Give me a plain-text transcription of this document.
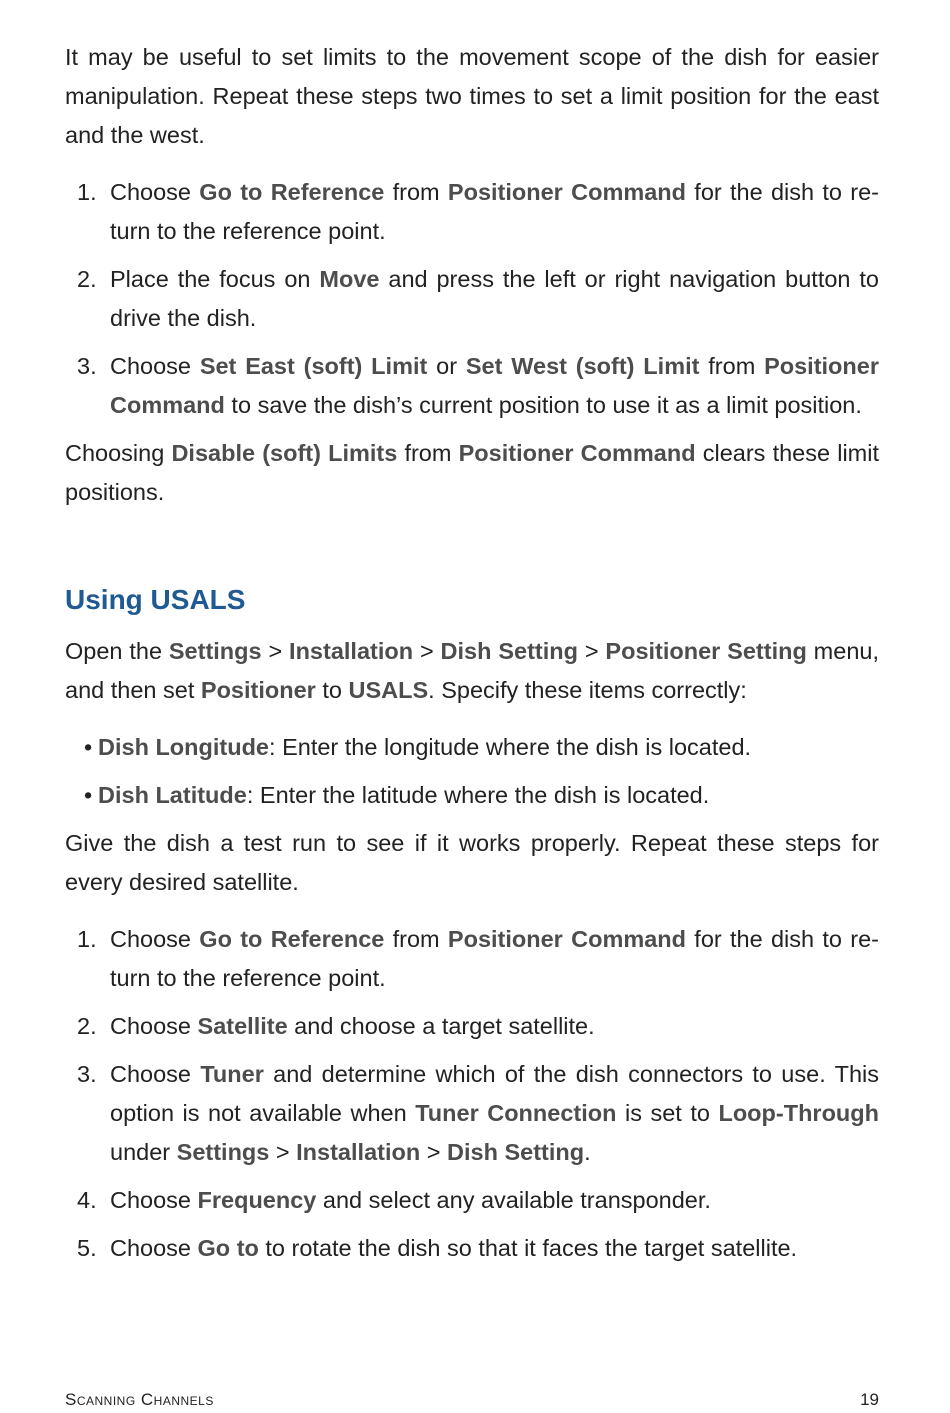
It may be useful to set limits to the movement scope of the dish for easier manipulation. Repeat these steps two times to set a limit position for the east and the west.

1. Choose Go to Reference from Positioner Command for the dish to re-turn to the reference point.
2. Place the focus on Move and press the left or right navigation button to drive the dish.
3. Choose Set East (soft) Limit or Set West (soft) Limit from Positioner Command to save the dish’s current position to use it as a limit position.

Choosing Disable (soft) Limits from Positioner Command clears these limit positions.

Using USALS

Open the Settings > Installation > Dish Setting > Positioner Setting menu, and then set Positioner to USALS. Specify these items correctly:

• Dish Longitude: Enter the longitude where the dish is located.
• Dish Latitude: Enter the latitude where the dish is located.

Give the dish a test run to see if it works properly. Repeat these steps for every desired satellite.

1. Choose Go to Reference from Positioner Command for the dish to re-turn to the reference point.
2. Choose Satellite and choose a target satellite.
3. Choose Tuner and determine which of the dish connectors to use. This option is not available when Tuner Connection is set to Loop-Through under Settings > Installation > Dish Setting.
4. Choose Frequency and select any available transponder.
5. Choose Go to to rotate the dish so that it faces the target satellite.
Scanning Channels	19
